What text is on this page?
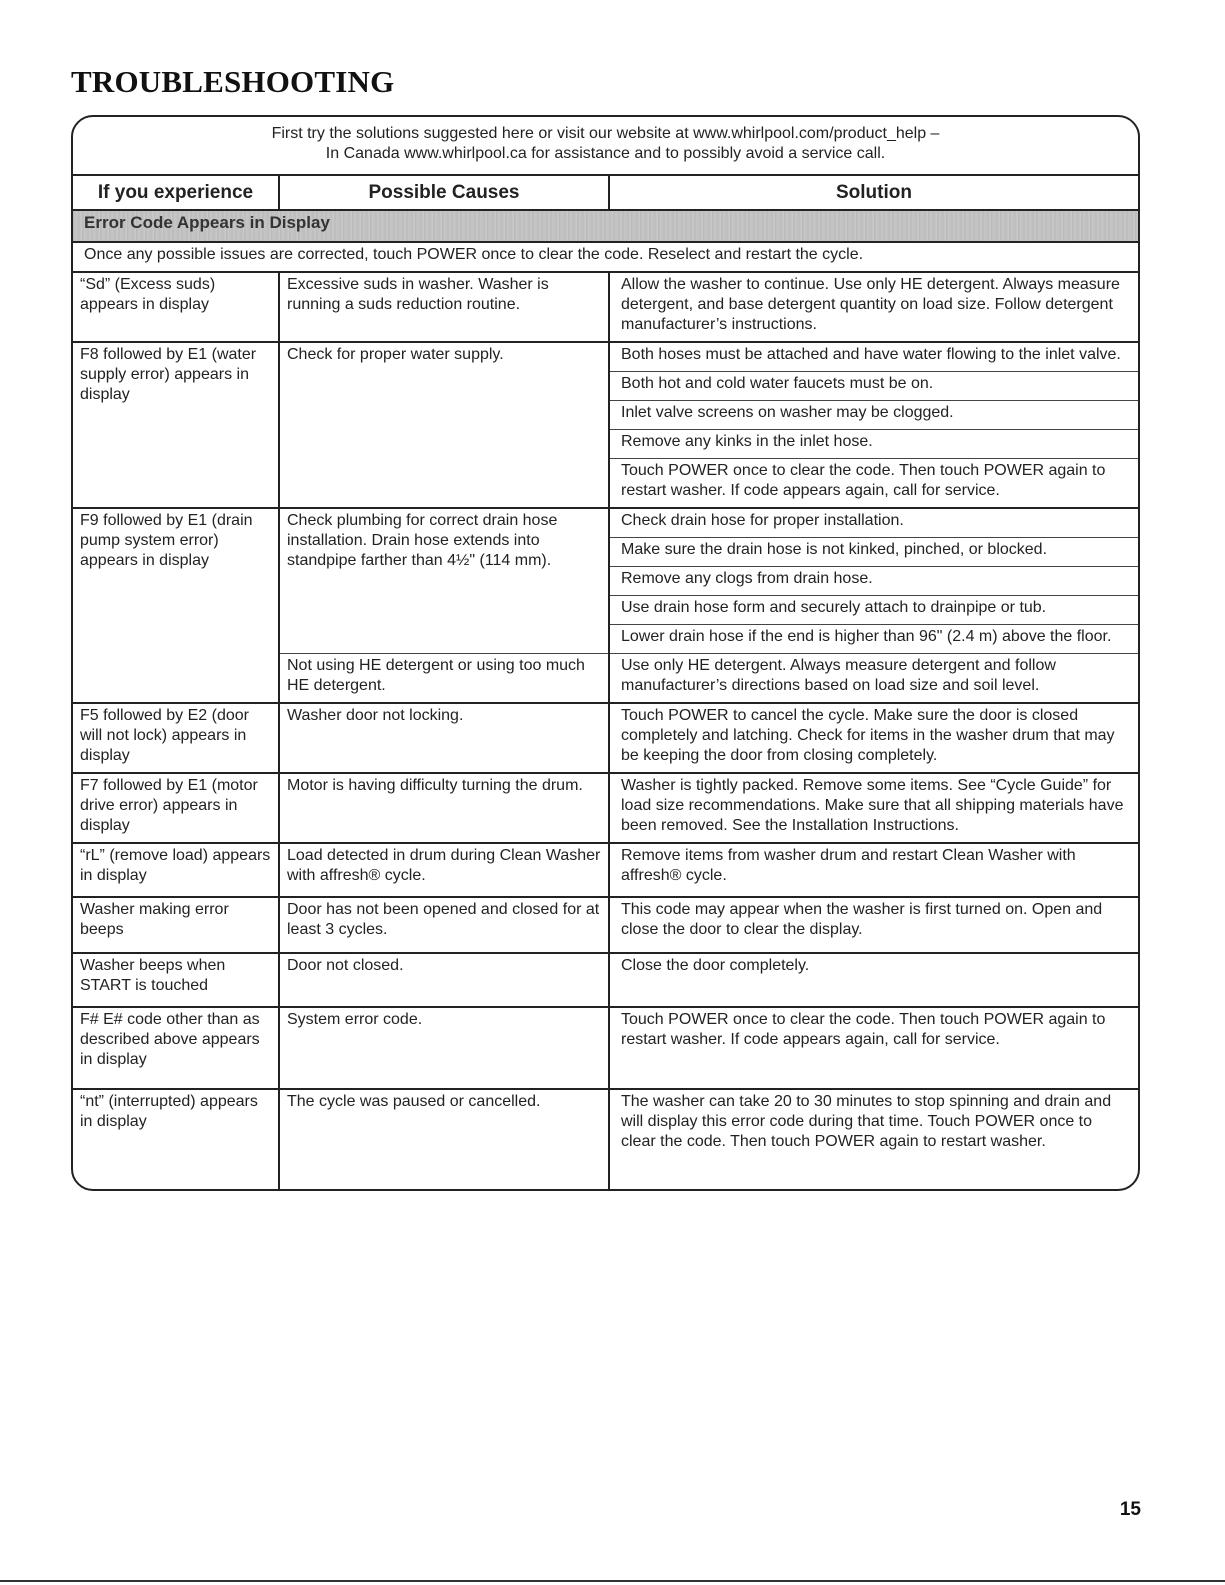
TROUBLESHOOTING
First try the solutions suggested here or visit our website at www.whirlpool.com/product_help –
In Canada www.whirlpool.ca for assistance and to possibly avoid a service call.
If you experience	Possible Causes	Solution
Error Code Appears in Display		
Once any possible issues are corrected, touch POWER once to clear the code. Reselect and restart the cycle.		
“Sd” (Excess suds) appears in display	Excessive suds in washer. Washer is running a suds reduction routine.	Allow the washer to continue. Use only HE detergent. Always measure detergent, and base detergent quantity on load size. Follow detergent manufacturer’s instructions.
F8 followed by E1 (water supply error) appears in display	Check for proper water supply.	Both hoses must be attached and have water flowing to the inlet valve.
		Both hot and cold water faucets must be on.
		Inlet valve screens on washer may be clogged.
		Remove any kinks in the inlet hose.
		Touch POWER once to clear the code. Then touch POWER again to restart washer. If code appears again, call for service.
F9 followed by E1 (drain pump system error) appears in display	Check plumbing for correct drain hose installation. Drain hose extends into standpipe farther than 4½" (114 mm).	Check drain hose for proper installation.
		Make sure the drain hose is not kinked, pinched, or blocked.
		Remove any clogs from drain hose.
		Use drain hose form and securely attach to drainpipe or tub.
		Lower drain hose if the end is higher than 96" (2.4 m) above the floor.
	Not using HE detergent or using too much HE detergent.	Use only HE detergent. Always measure detergent and follow manufacturer’s directions based on load size and soil level.
F5 followed by E2 (door will not lock) appears in display	Washer door not locking.	Touch POWER to cancel the cycle. Make sure the door is closed completely and latching. Check for items in the washer drum that may be keeping the door from closing completely.
F7 followed by E1 (motor drive error) appears in display	Motor is having difficulty turning the drum.	Washer is tightly packed. Remove some items. See “Cycle Guide” for load size recommendations. Make sure that all shipping materials have been removed. See the Installation Instructions.
“rL” (remove load) appears in display	Load detected in drum during Clean Washer with affresh® cycle.	Remove items from washer drum and restart Clean Washer with affresh® cycle.
Washer making error beeps	Door has not been opened and closed for at least 3 cycles.	This code may appear when the washer is first turned on. Open and close the door to clear the display.
Washer beeps when START is touched	Door not closed.	Close the door completely.
F# E# code other than as described above appears in display	System error code.	Touch POWER once to clear the code. Then touch POWER again to restart washer. If code appears again, call for service.
“nt” (interrupted) appears in display	The cycle was paused or cancelled.	The washer can take 20 to 30 minutes to stop spinning and drain and will display this error code during that time. Touch POWER once to clear the code. Then touch POWER again to restart washer.
15
